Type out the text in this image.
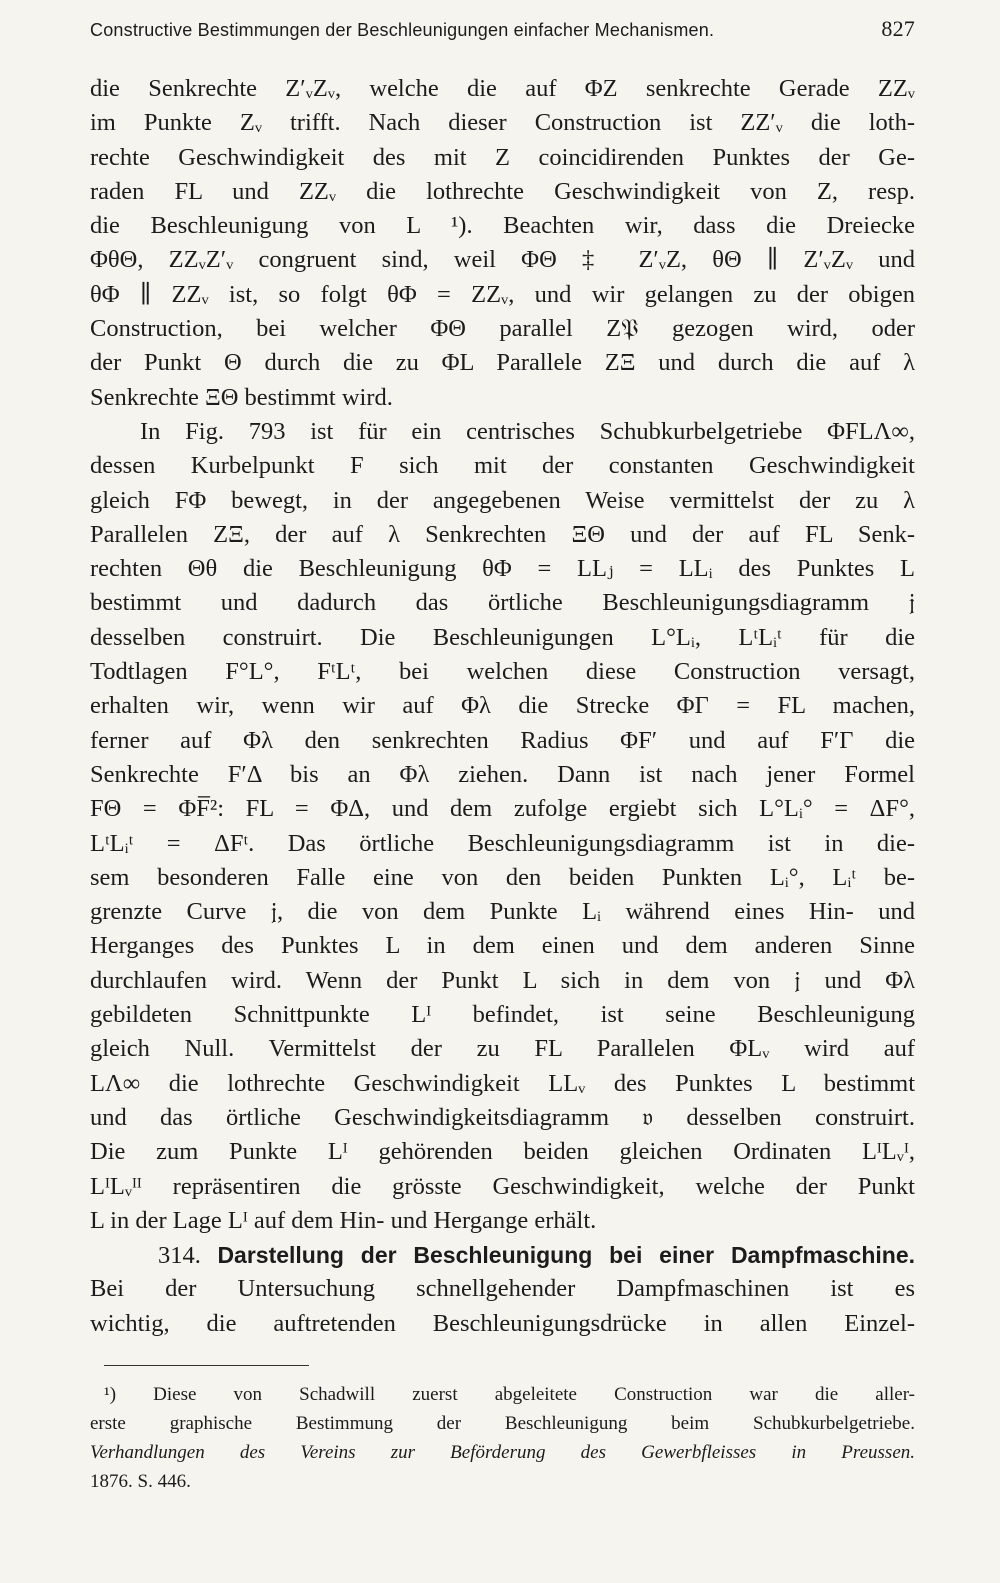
Constructive Bestimmungen der Beschleunigungen einfacher Mechanismen.	827
die Senkrechte Z′ᵥZᵥ, welche die auf ΦZ senkrechte Gerade ZZᵥ
im Punkte Zᵥ trifft. Nach dieser Construction ist ZZ′ᵥ die loth-
rechte Geschwindigkeit des mit Z coincidirenden Punktes der Ge-
raden FL und ZZᵥ die lothrechte Geschwindigkeit von Z, resp.
die Beschleunigung von L ¹). Beachten wir, dass die Dreiecke
ΦθΘ, ZZᵥZ′ᵥ congruent sind, weil ΦΘ ‡ Z′ᵥZ, θΘ ∥ Z′ᵥZᵥ und
θΦ ∥ ZZᵥ ist, so folgt θΦ = ZZᵥ, und wir gelangen zu der obigen
Construction, bei welcher ΦΘ parallel Z𝔓 gezogen wird, oder
der Punkt Θ durch die zu ΦL Parallele ZΞ und durch die auf λ
Senkrechte ΞΘ bestimmt wird.
In Fig. 793 ist für ein centrisches Schubkurbelgetriebe ΦFLΛ∞,
dessen Kurbelpunkt F sich mit der constanten Geschwindigkeit
gleich FΦ bewegt, in der angegebenen Weise vermittelst der zu λ
Parallelen ZΞ, der auf λ Senkrechten ΞΘ und der auf FL Senk-
rechten Θθ die Beschleunigung θΦ = LLⱼ = LLᵢ des Punktes L
bestimmt und dadurch das örtliche Beschleunigungsdiagramm 𝔧
desselben construirt. Die Beschleunigungen L°Lᵢ, LᵗLᵢᵗ für die
Todtlagen F°L°, FᵗLᵗ, bei welchen diese Construction versagt,
erhalten wir, wenn wir auf Φλ die Strecke ΦΓ = FL machen,
ferner auf Φλ den senkrechten Radius ΦF′ und auf F′Γ die
Senkrechte F′Δ bis an Φλ ziehen. Dann ist nach jener Formel
FΘ = ΦF̅²: FL = ΦΔ, und dem zufolge ergiebt sich L°Lᵢ° = ΔF°,
LᵗLᵢᵗ = ΔFᵗ. Das örtliche Beschleunigungsdiagramm ist in die-
sem besonderen Falle eine von den beiden Punkten Lᵢ°, Lᵢᵗ be-
grenzte Curve 𝔧, die von dem Punkte Lᵢ während eines Hin- und
Herganges des Punktes L in dem einen und dem anderen Sinne
durchlaufen wird. Wenn der Punkt L sich in dem von 𝔧 und Φλ
gebildeten Schnittpunkte Lᴵ befindet, ist seine Beschleunigung
gleich Null. Vermittelst der zu FL Parallelen ΦLᵥ wird auf
LΛ∞ die lothrechte Geschwindigkeit LLᵥ des Punktes L bestimmt
und das örtliche Geschwindigkeitsdiagramm 𝔳 desselben construirt.
Die zum Punkte Lᴵ gehörenden beiden gleichen Ordinaten LᴵLᵥᴵ,
LᴵLᵥᴵᴵ repräsentiren die grösste Geschwindigkeit, welche der Punkt
L in der Lage Lᴵ auf dem Hin- und Hergange erhält.
314. Darstellung der Beschleunigung bei einer Dampfmaschine.
Bei der Untersuchung schnellgehender Dampfmaschinen ist es
wichtig, die auftretenden Beschleunigungsdrücke in allen Einzel-
¹) Diese von Schadwill zuerst abgeleitete Construction war die aller-
erste graphische Bestimmung der Beschleunigung beim Schubkurbelgetriebe.
Verhandlungen des Vereins zur Beförderung des Gewerbfleisses in Preussen.
1876. S. 446.
